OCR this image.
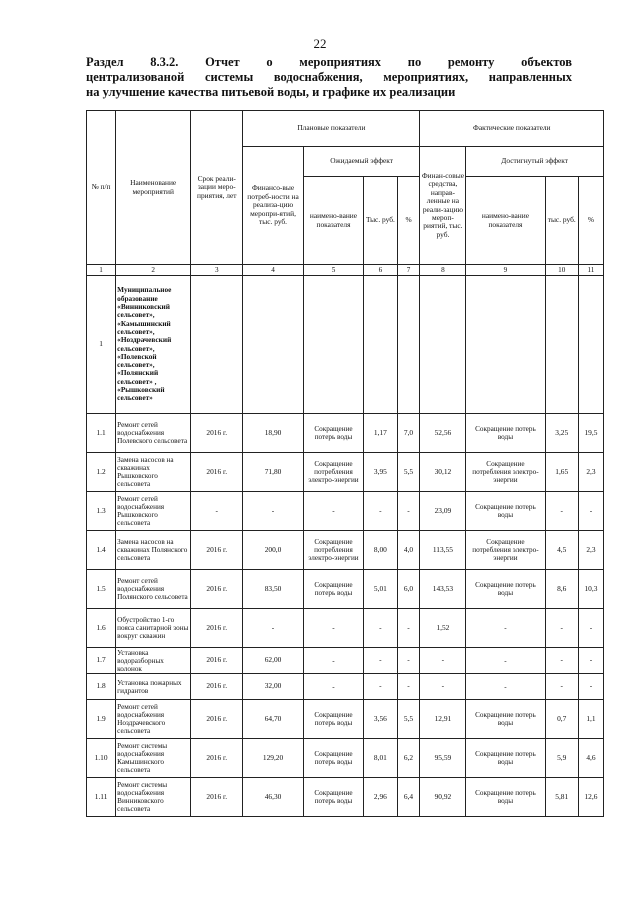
22
Раздел 8.3.2. Отчет о мероприятиях по ремонту объектов
централизованой системы водоснабжения, мероприятиях, направленных
на улучшение качества питьевой воды, и графике их реализации
№ п/п	Наименование мероприятий	Срок реали-зации меро-приятия, лет	Плановые показатели				Фактические показатели			
			Финансо-вые потреб-ности на реализа-цию меропри-ятий, тыс. руб.	Ожидаемый эффект			Финан-совые средства, направ-ленные на реали-зацию мероп-риятий, тыс. руб.	Достигнутый эффект		
				наимено-вание показателя	Тыс. руб.	%		наимено-вание показателя	тыс. руб.	%
1	2	3	4	5	6	7	8	9	10	11
1	Муниципальное образование «Винниковский сельсовет», «Камышинский сельсовет», «Ноздрачевский сельсовет», «Полевской сельсовет», «Полянский сельсовет» , «Рышковский сельсовет»									
1.1	Ремонт сетей водоснабжения Полевского сельсовета	2016 г.	18,90	Сокращение потерь воды	1,17	7,0	52,56	Сокращение потерь воды	3,25	19,5
1.2	Замена насосов на скважинах Рышковского сельсовета	2016 г.	71,80	Сокращение потребления электро-энергии	3,95	5,5	30,12	Сокращение потребления электро-энергии	1,65	2,3
1.3	Ремонт сетей водоснабжения Рышковского сельсовета	-	-	-	-	-	23,09	Сокращение потерь воды	-	-
1.4	Замена насосов на скважинах Полянского сельсовета	2016 г.	200,0	Сокращение потребления электро-энергии	8,00	4,0	113,55	Сокращение потребления электро-энергии	4,5	2,3
1.5	Ремонт сетей водоснабжения Полянского сельсовета	2016 г.	83,50	Сокращение потерь воды	5,01	6,0	143,53	Сокращение потерь воды	8,6	10,3
1.6	Обустройство 1-го пояса санитарной зоны вокруг скважин	2016 г.	-	-	-	-	1,52	-	-	-
1.7	Установка водоразборных колонок	2016 г.	62,00	-	-	-	-	-	-	-
1.8	Установка пожарных гидрантов	2016 г.	32,00	-	-	-	-	-	-	-
1.9	Ремонт сетей водоснабжения Ноздрачевского сельсовета	2016 г.	64,70	Сокращение потерь воды	3,56	5,5	12,91	Сокращение потерь воды	0,7	1,1
1.10	Ремонт системы водоснабжения Камышинского сельсовета	2016 г.	129,20	Сокращение потерь воды	8,01	6,2	95,59	Сокращение потерь воды	5,9	4,6
1.11	Ремонт системы водоснабжения Винниковского сельсовета	2016 г.	46,30	Сокращение потерь воды	2,96	6,4	90,92	Сокращение потерь воды	5,81	12,6
